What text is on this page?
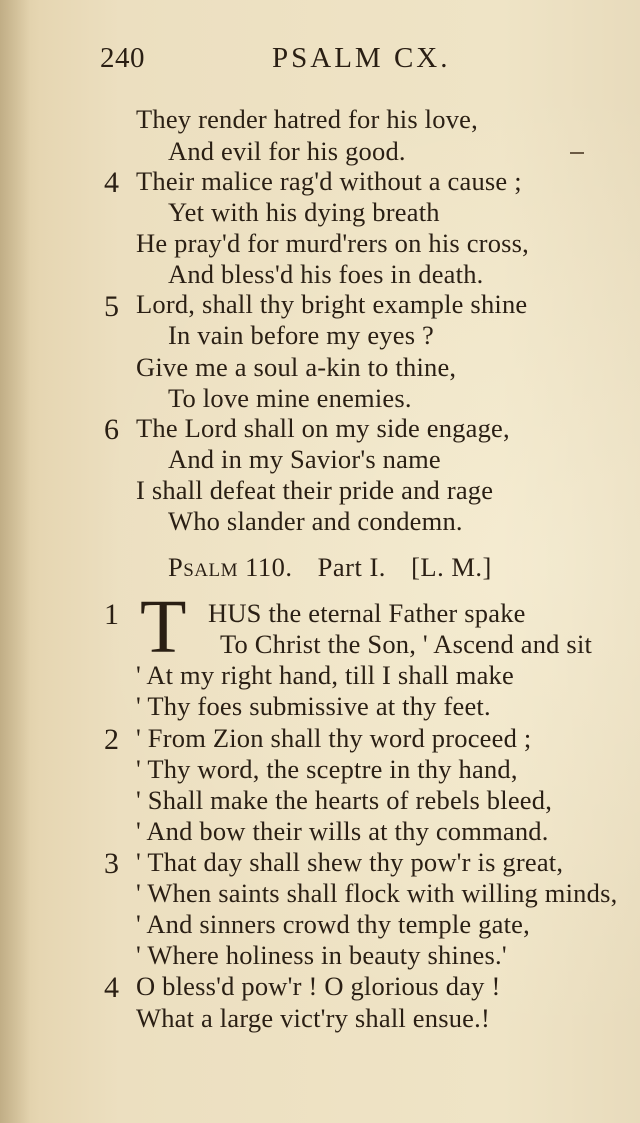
240	PSALM CX.
They render hatred for his love,
And evil for his good.
4 Their malice rag'd without a cause ;
Yet with his dying breath
He pray'd for murd'rers on his cross,
And bless'd his foes in death.
5 Lord, shall thy bright example shine
In vain before my eyes ?
Give me a soul a-kin to thine,
To love mine enemies.
6 The Lord shall on my side engage,
And in my Savior's name
I shall defeat their pride and rage
Who slander and condemn.
Psalm 110. Part I. [L. M.]
1 T HUS the eternal Father spake
To Christ the Son, ' Ascend and sit
' At my right hand, till I shall make
' Thy foes submissive at thy feet.
2 ' From Zion shall thy word proceed ;
' Thy word, the sceptre in thy hand,
' Shall make the hearts of rebels bleed,
' And bow their wills at thy command.
3 ' That day shall shew thy pow'r is great,
' When saints shall flock with willing minds,
' And sinners crowd thy temple gate,
' Where holiness in beauty shines.'
4 O bless'd pow'r ! O glorious day !
What a large vict'ry shall ensue.!
